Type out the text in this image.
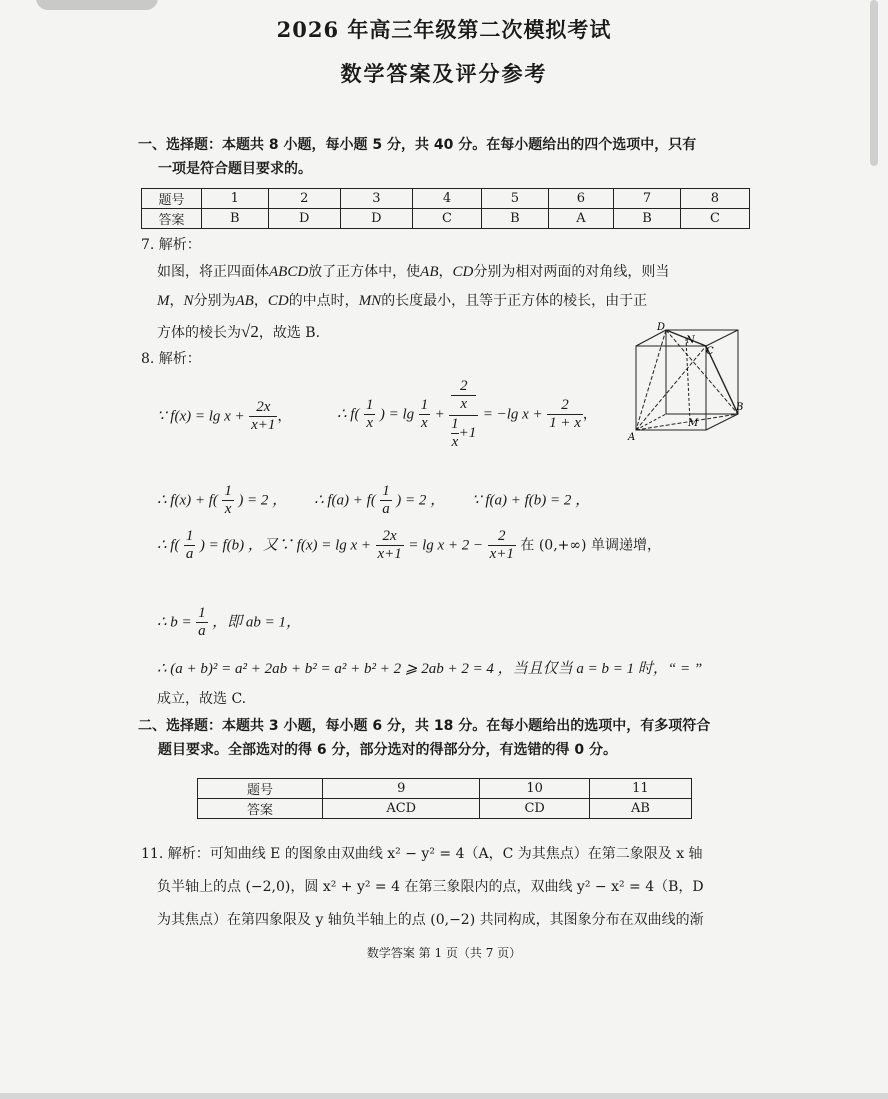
2026 年高三年级第二次模拟考试
数学答案及评分参考
一、选择题：本题共 8 小题，每小题 5 分，共 40 分。在每小题给出的四个选项中，只有
一项是符合题目要求的。
题号	1	2	3	4	5	6	7	8
答案	B	D	D	C	B	A	B	C
7. 解析：
如图，将正四面体ABCD放了正方体中，使AB，CD分别为相对两面的对角线，则当
M，N分别为AB，CD的中点时，MN的长度最小，且等于正方体的棱长，由于正
方体的棱长为√2，故选 B.	D
N
C
M
B
A
8. 解析：
∵ $f(x) = \lg x + \frac{2x}{x+1}$ ，	∴ $f( \frac{1}{x}$ ) = $\lg \frac{1}{x} + 2$
x
$\frac{1}{x} +1 = -\lg$ $x + \frac{2}{1 + x}$ ，
∴ $f(x) + f( \frac{1}{x}$ ) = 2 ， ∴ $f(a) + f( \frac{1}{a}$ ) = 2 ， ∵ f(a) + f(b) = 2 ，
∴ $f( \frac{1}{a}$ ) = f(b) ，又∵ $f(x) = \lg x + \frac{2x}{x+1} = \lg x + 2 - \frac{2}{x+1}$ 在 (0,+∞) 单调递增，
∴ $b = \frac{1}{a}$ ，即 ab = 1，
∴ (a + b)² = a² + 2ab + b² = a² + b² + 2 ⩾ 2ab + 2 = 4 ，当且仅当 a = b = 1 时，“ = ”
成立，故选 C.
二、选择题：本题共 3 小题，每小题 6 分，共 18 分。在每小题给出的选项中，有多项符合
题目要求。全部选对的得 6 分，部分选对的得部分分，有选错的得 0 分。
题号	9	10	11
答案	ACD	CD	AB
11. 解析：可知曲线 E 的图象由双曲线 x² − y² = 4（A，C 为其焦点）在第二象限及 x 轴
负半轴上的点 (−2,0)，圆 x² + y² = 4 在第三象限内的点，双曲线 y² − x² = 4（B，D
为其焦点）在第四象限及 y 轴负半轴上的点 (0,−2) 共同构成，其图象分布在双曲线的渐
数学答案 第 1 页（共 7 页）
